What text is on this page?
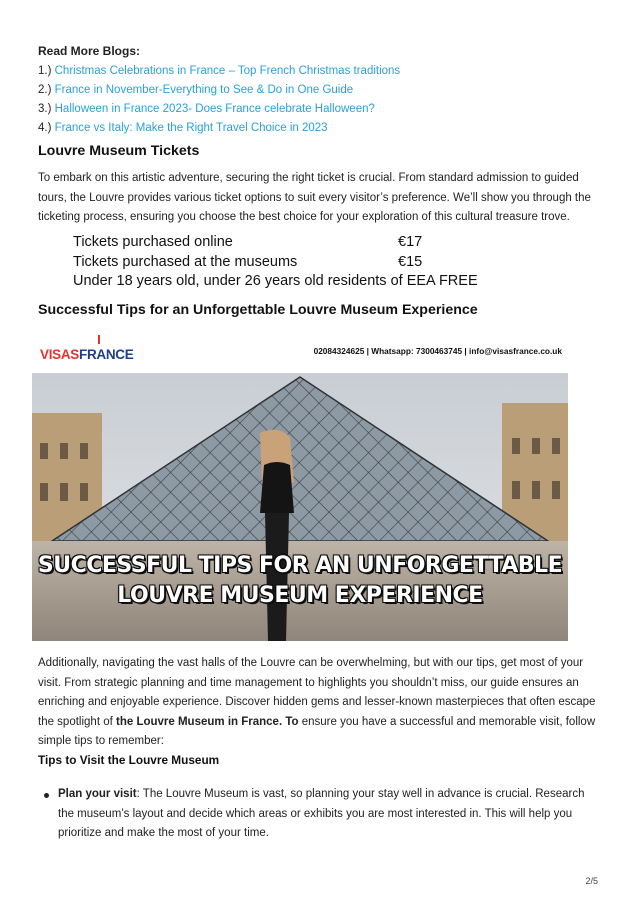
Read More Blogs:
1.) Christmas Celebrations in France – Top French Christmas traditions
2.) France in November-Everything to See & Do in One Guide
3.) Halloween in France 2023- Does France celebrate Halloween?
4.) France vs Italy: Make the Right Travel Choice in 2023
Louvre Museum Tickets

To embark on this artistic adventure, securing the right ticket is crucial. From standard admission to guided tours, the Louvre provides various ticket options to suit every visitor’s preference. We’ll show you through the ticketing process, ensuring you choose the best choice for your exploration of this cultural treasure trove.

Tickets purchased online	€17
Tickets purchased at the museums	€15
Under 18 years old, under 26 years old residents of EEA FREE
Successful Tips for an Unforgettable Louvre Museum Experience
VISASFRANCE	02084324625 | Whatsapp: 7300463745 | info@visasfrance.co.uk
SUCCESSFUL TIPS FOR AN UNFORGETTABLE
LOUVRE MUSEUM EXPERIENCE

Additionally, navigating the vast halls of the Louvre can be overwhelming, but with our tips, get most of your visit. From strategic planning and time management to highlights you shouldn’t miss, our guide ensures an enriching and enjoyable experience. Discover hidden gems and lesser-known masterpieces that often escape the spotlight of the Louvre Museum in France. To ensure you have a successful and memorable visit, follow simple tips to remember:

Tips to Visit the Louvre Museum

Plan your visit: The Louvre Museum is vast, so planning your stay well in advance is crucial. Research the museum’s layout and decide which areas or exhibits you are most interested in. This will help you prioritize and make the most of your time.

2/5
